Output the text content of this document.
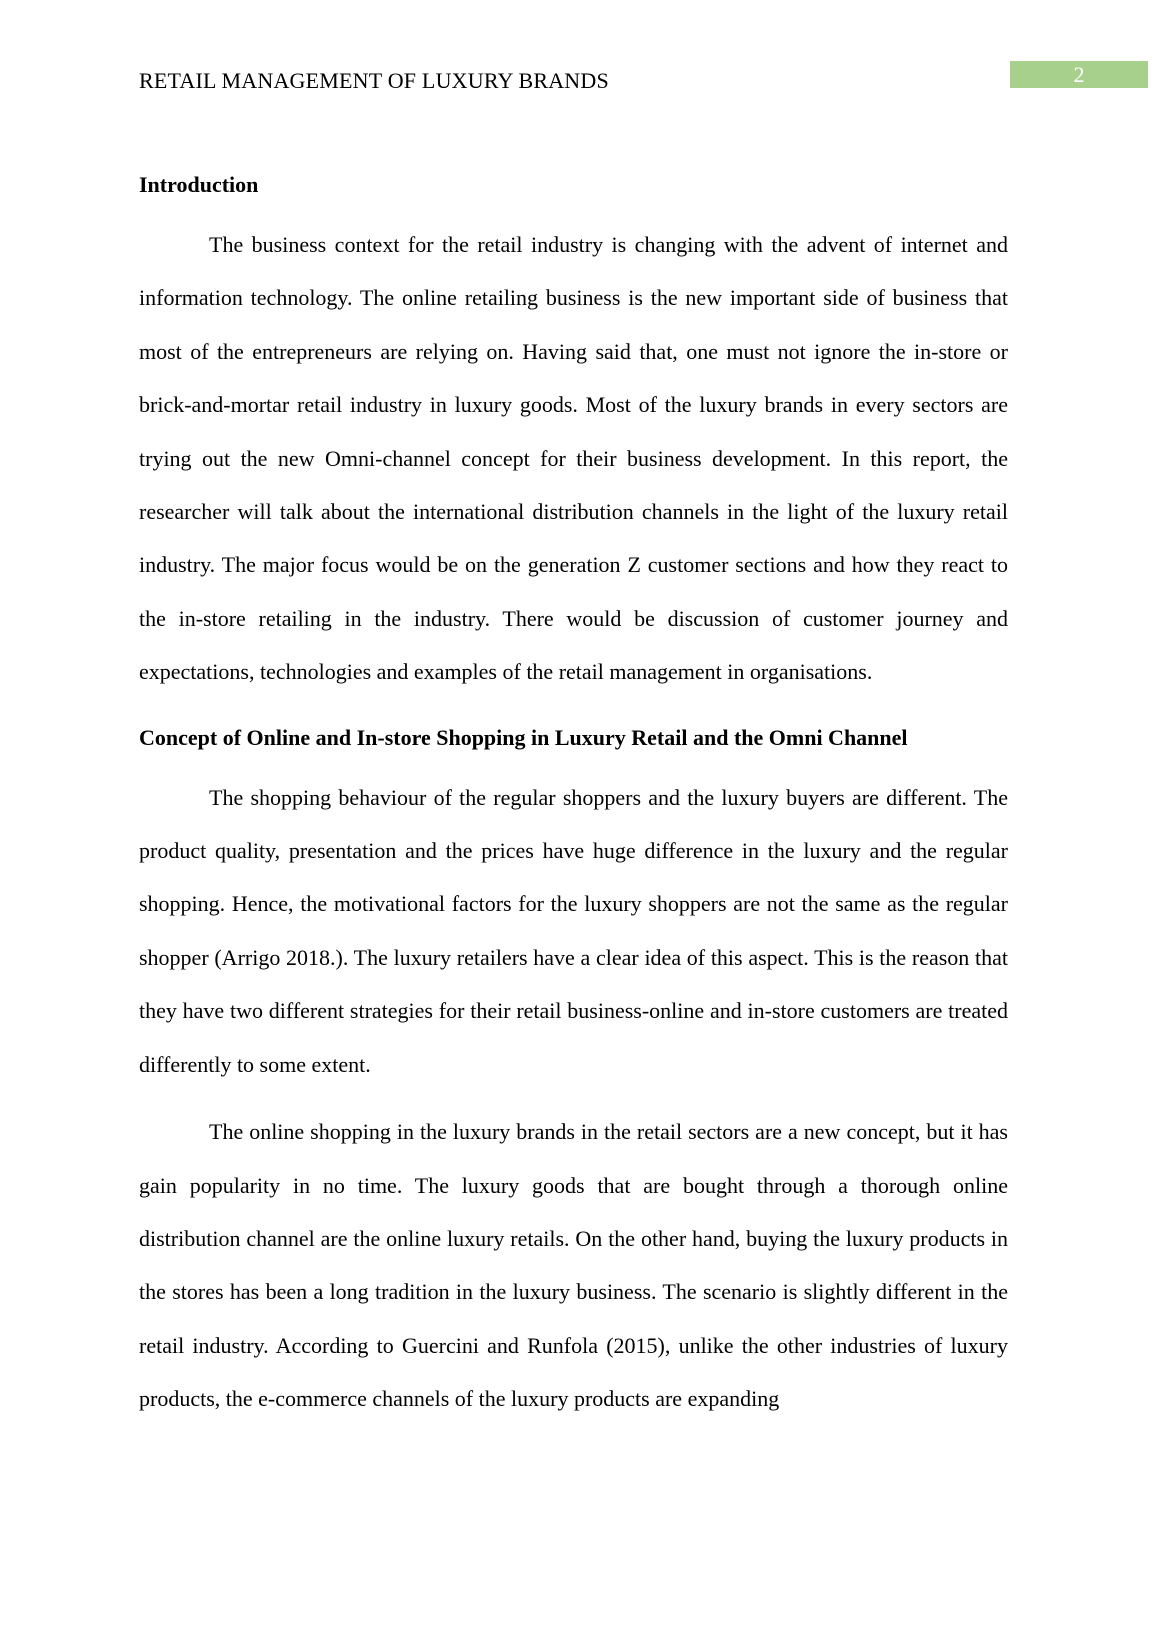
RETAIL MANAGEMENT OF LUXURY BRANDS	2
Introduction

The business context for the retail industry is changing with the advent of internet and information technology. The online retailing business is the new important side of business that most of the entrepreneurs are relying on. Having said that, one must not ignore the in-store or brick-and-mortar retail industry in luxury goods. Most of the luxury brands in every sectors are trying out the new Omni-channel concept for their business development. In this report, the researcher will talk about the international distribution channels in the light of the luxury retail industry. The major focus would be on the generation Z customer sections and how they react to the in-store retailing in the industry. There would be discussion of customer journey and expectations, technologies and examples of the retail management in organisations.

Concept of Online and In-store Shopping in Luxury Retail and the Omni Channel

The shopping behaviour of the regular shoppers and the luxury buyers are different. The product quality, presentation and the prices have huge difference in the luxury and the regular shopping. Hence, the motivational factors for the luxury shoppers are not the same as the regular shopper (Arrigo 2018.). The luxury retailers have a clear idea of this aspect. This is the reason that they have two different strategies for their retail business-online and in-store customers are treated differently to some extent.

The online shopping in the luxury brands in the retail sectors are a new concept, but it has gain popularity in no time. The luxury goods that are bought through a thorough online distribution channel are the online luxury retails. On the other hand, buying the luxury products in the stores has been a long tradition in the luxury business. The scenario is slightly different in the retail industry. According to Guercini and Runfola (2015), unlike the other industries of luxury products, the e-commerce channels of the luxury products are expanding
